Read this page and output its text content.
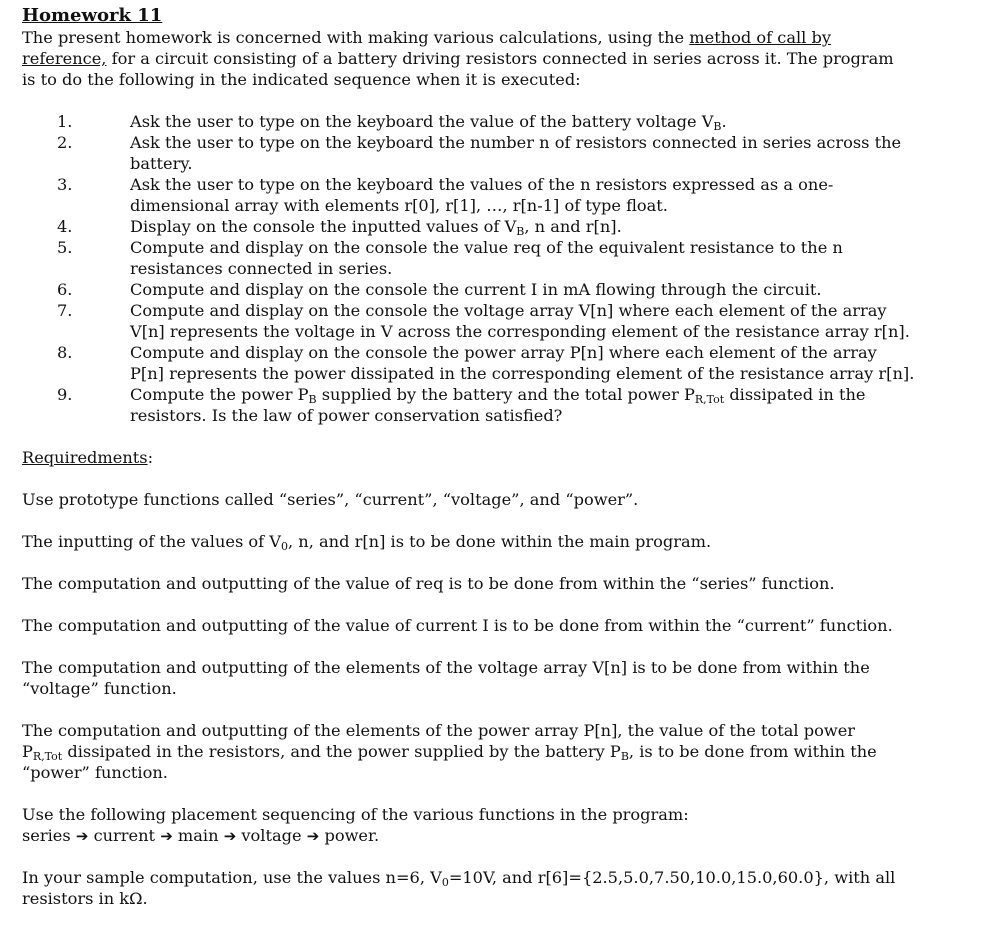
Homework 11
The present homework is concerned with making various calculations, using the method of call by
reference, for a circuit consisting of a battery driving resistors connected in series across it. The program
is to do the following in the indicated sequence when it is executed:
1.	Ask the user to type on the keyboard the value of the battery voltage $V_B$.
2.	Ask the user to type on the keyboard the number n of resistors connected in series across the
battery.
3.	Ask the user to type on the keyboard the values of the n resistors expressed as a one-
dimensional array with elements r[0], r[1], …, r[n-1] of type float.
4.	Display on the console the inputted values of $V_B$, n and r[n].
5.	Compute and display on the console the value req of the equivalent resistance to the n
resistances connected in series.
6.	Compute and display on the console the current I in mA flowing through the circuit.
7.	Compute and display on the console the voltage array V[n] where each element of the array
V[n] represents the voltage in V across the corresponding element of the resistance array r[n].
8.	Compute and display on the console the power array P[n] where each element of the array
P[n] represents the power dissipated in the corresponding element of the resistance array r[n].
9.	Compute the power $P_B$ supplied by the battery and the total power $P_{R,Tot}$ dissipated in the
resistors. Is the law of power conservation satisfied?
Requiredments:
Use prototype functions called “series”, “current”, “voltage”, and “power”.
The inputting of the values of $V_0$, n, and r[n] is to be done within the main program.
The computation and outputting of the value of req is to be done from within the “series” function.
The computation and outputting of the value of current I is to be done from within the “current” function.
The computation and outputting of the elements of the voltage array V[n] is to be done from within the
“voltage” function.
The computation and outputting of the elements of the power array P[n], the value of the total power
$P_{R,Tot}$ dissipated in the resistors, and the power supplied by the battery $P_B$, is to be done from within the
“power” function.
Use the following placement sequencing of the various functions in the program:
series ➔ current ➔ main ➔ voltage ➔ power.
In your sample computation, use the values n=6, $V_0=10V$, and r[6]={2.5,5.0,7.50,10.0,15.0,60.0}, with all
resistors in kΩ.
